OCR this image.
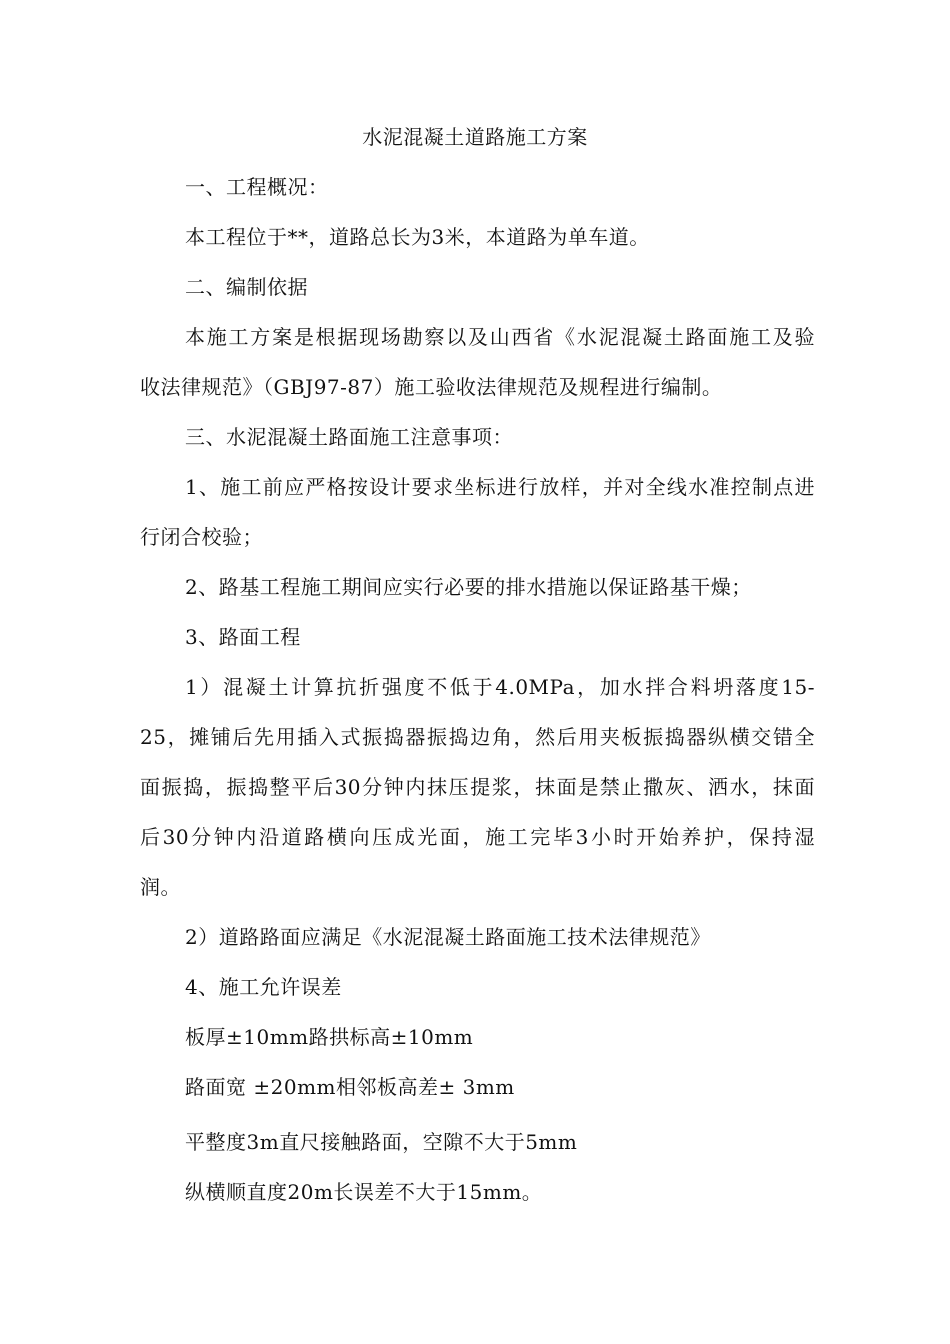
水泥混凝土道路施工方案
一、工程概况：
本工程位于**，道路总长为3米，本道路为单车道。
二、编制依据
本施工方案是根据现场勘察以及山西省《水泥混凝土路面施工及验
收法律规范》（GBJ97-87）施工验收法律规范及规程进行编制。
三、水泥混凝土路面施工注意事项：
1、施工前应严格按设计要求坐标进行放样，并对全线水准控制点进
行闭合校验；
2、路基工程施工期间应实行必要的排水措施以保证路基干燥；
3、路面工程
1）混凝土计算抗折强度不低于4.0MPa，加水拌合料坍落度15-
25，摊铺后先用插入式振捣器振捣边角，然后用夹板振捣器纵横交错全
面振捣，振捣整平后30分钟内抹压提浆，抹面是禁止撒灰、洒水，抹面
后30分钟内沿道路横向压成光面，施工完毕3小时开始养护，保持湿
润。
2）道路路面应满足《水泥混凝土路面施工技术法律规范》
4、施工允许误差
板厚±10mm路拱标高±10mm
路面宽 ±20mm相邻板高差± 3mm
平整度3m直尺接触路面，空隙不大于5mm
纵横顺直度20m长误差不大于15mm。
